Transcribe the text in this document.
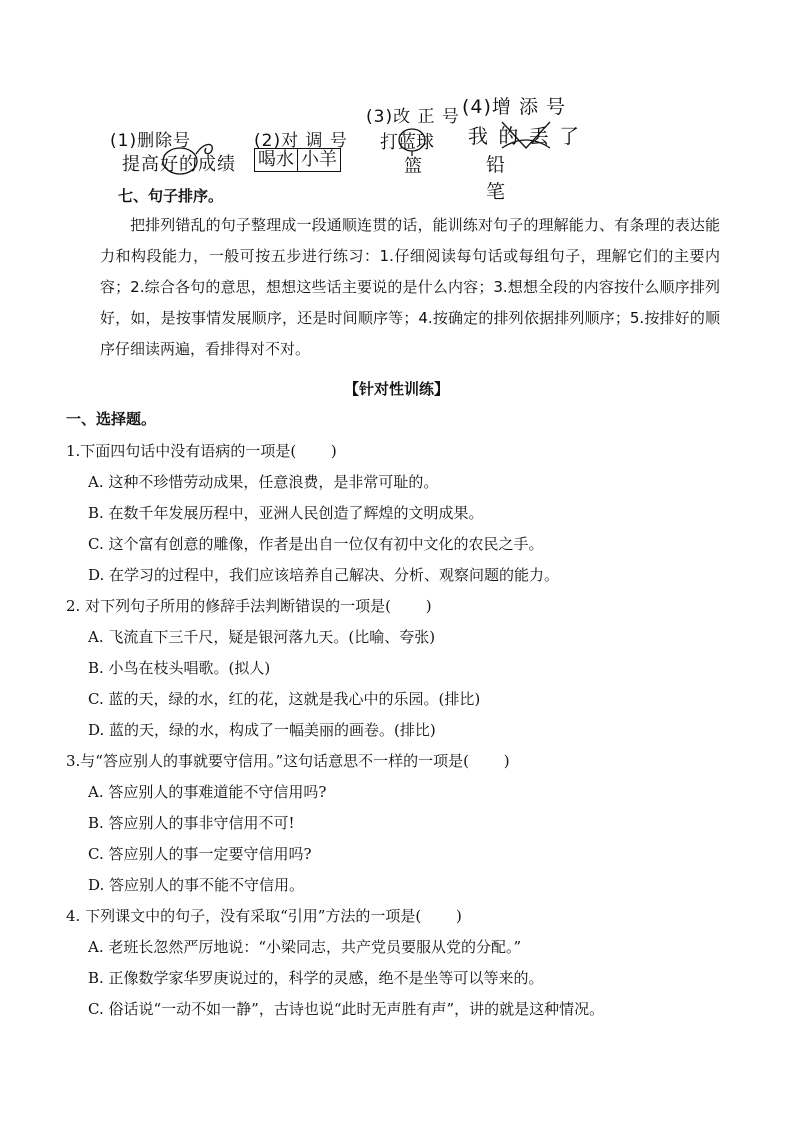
(1)删除号
提高好的成绩
(2)对 调 号
喝水 小羊
(3)改 正 号
打蓝球
篮
(4)增 添 号
我 的 丢 了
铅 笔
七、句子排序。
把排列错乱的句子整理成一段通顺连贯的话，能训练对句子的理解能力、有条理的表达能力和构段能力，一般可按五步进行练习：1.仔细阅读每句话或每组句子，理解它们的主要内容；2.综合各句的意思，想想这些话主要说的是什么内容；3.想想全段的内容按什么顺序排列好，如，是按事情发展顺序，还是时间顺序等；4.按确定的排列依据排列顺序；5.按排好的顺序仔细读两遍，看排得对不对。
【针对性训练】
一、选择题。
1.下面四句话中没有语病的一项是(　　 )
A. 这种不珍惜劳动成果，任意浪费，是非常可耻的。
B. 在数千年发展历程中，亚洲人民创造了辉煌的文明成果。
C. 这个富有创意的雕像，作者是出自一位仅有初中文化的农民之手。
D. 在学习的过程中，我们应该培养自己解决、分析、观察问题的能力。
2. 对下列句子所用的修辞手法判断错误的一项是(　　 )
A. 飞流直下三千尺，疑是银河落九天。(比喻、夸张)
B. 小鸟在枝头唱歌。(拟人)
C. 蓝的天，绿的水，红的花，这就是我心中的乐园。(排比)
D. 蓝的天，绿的水，构成了一幅美丽的画卷。(排比)
3.与“答应别人的事就要守信用。”这句话意思不一样的一项是(　　 )
A. 答应别人的事难道能不守信用吗?
B. 答应别人的事非守信用不可!
C. 答应别人的事一定要守信用吗?
D. 答应别人的事不能不守信用。
4. 下列课文中的句子，没有采取“引用”方法的一项是(　　 )
A. 老班长忽然严厉地说：“小梁同志，共产党员要服从党的分配。”
B. 正像数学家华罗庚说过的，科学的灵感，绝不是坐等可以等来的。
C. 俗话说“一动不如一静”，古诗也说“此时无声胜有声”，讲的就是这种情况。
